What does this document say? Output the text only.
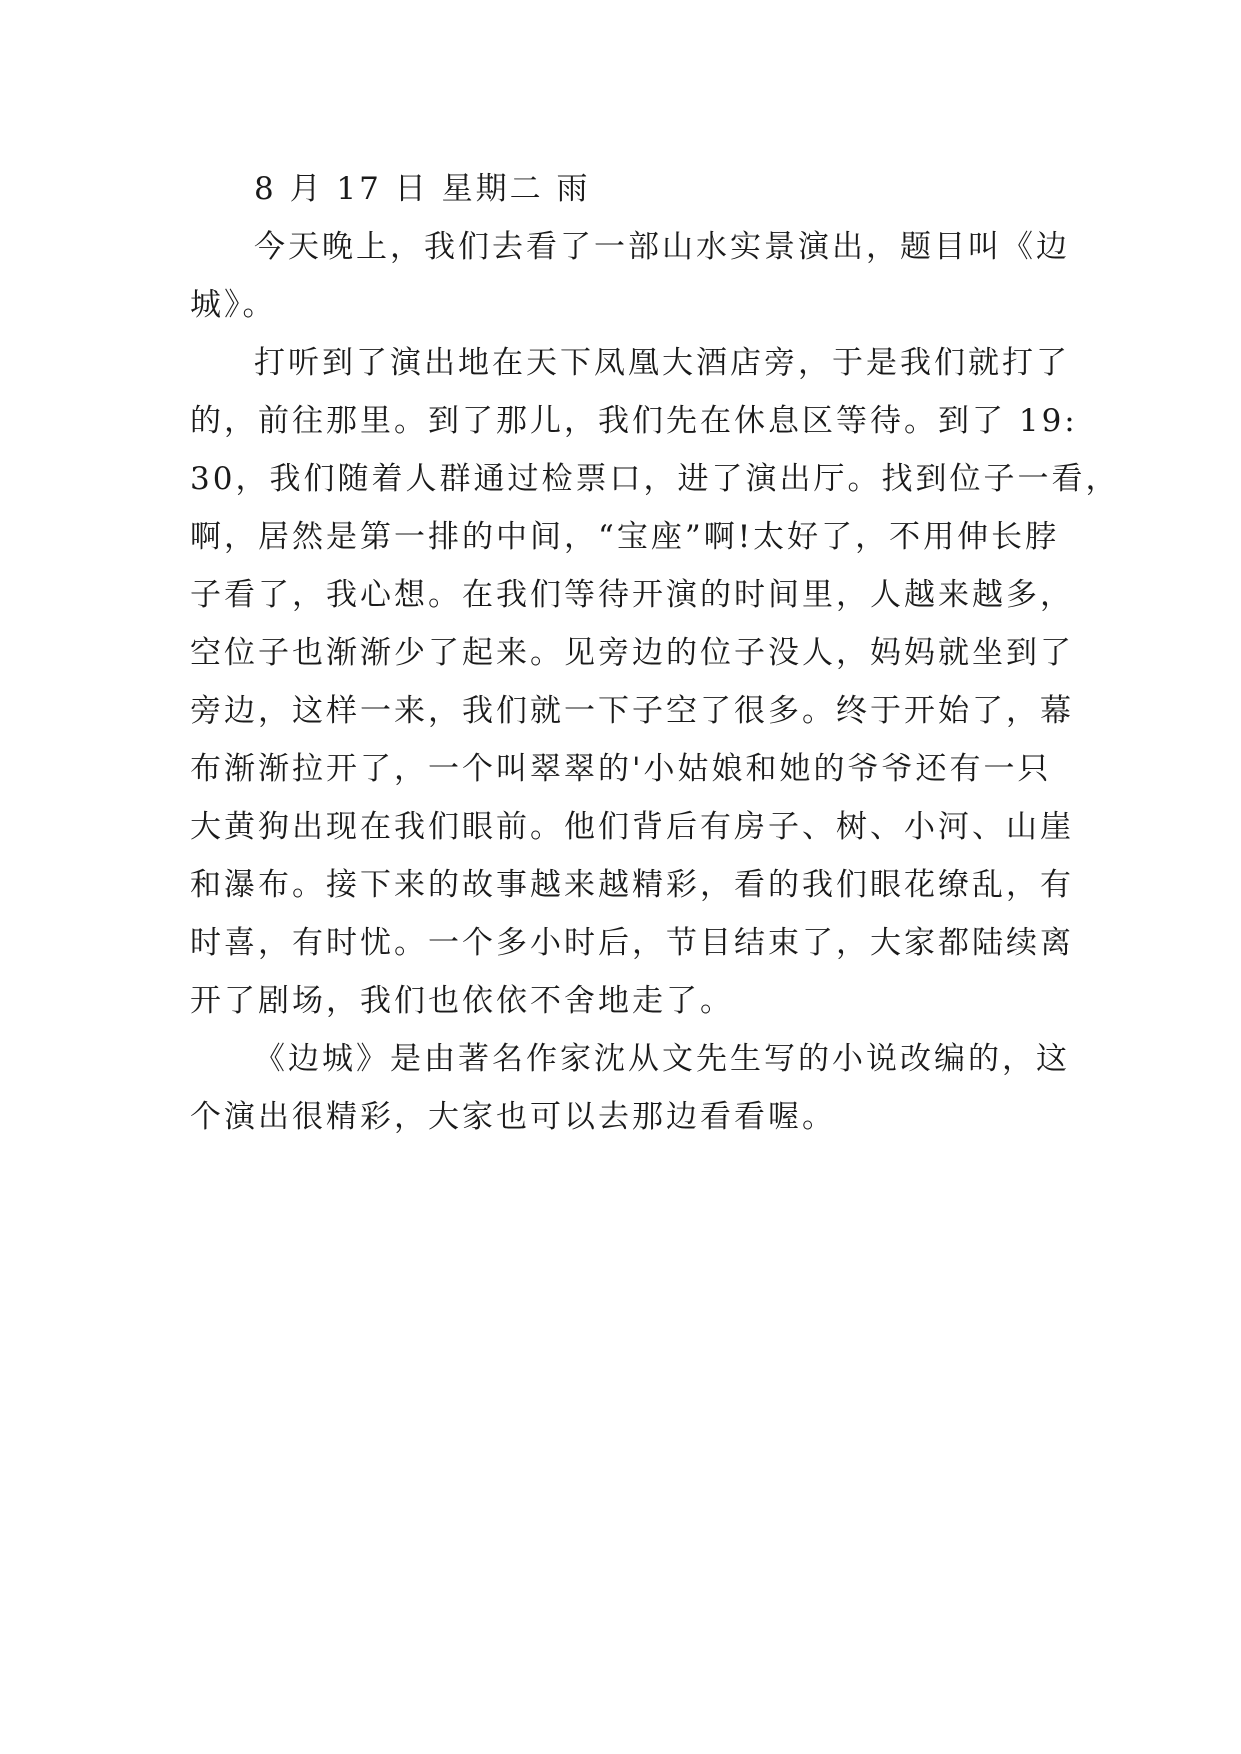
8 月 17 日 星期二 雨
今天晚上，我们去看了一部山水实景演出，题目叫《边
城》。
打听到了演出地在天下凤凰大酒店旁，于是我们就打了
的，前往那里。到了那儿，我们先在休息区等待。到了 19:
30，我们随着人群通过检票口，进了演出厅。找到位子一看，
啊，居然是第一排的中间，“宝座”啊!太好了，不用伸长脖
子看了，我心想。在我们等待开演的时间里，人越来越多，
空位子也渐渐少了起来。见旁边的位子没人，妈妈就坐到了
旁边，这样一来，我们就一下子空了很多。终于开始了，幕
布渐渐拉开了，一个叫翠翠的'小姑娘和她的爷爷还有一只
大黄狗出现在我们眼前。他们背后有房子、树、小河、山崖
和瀑布。接下来的故事越来越精彩，看的我们眼花缭乱，有
时喜，有时忧。一个多小时后，节目结束了，大家都陆续离
开了剧场，我们也依依不舍地走了。
《边城》是由著名作家沈从文先生写的小说改编的，这
个演出很精彩，大家也可以去那边看看喔。
